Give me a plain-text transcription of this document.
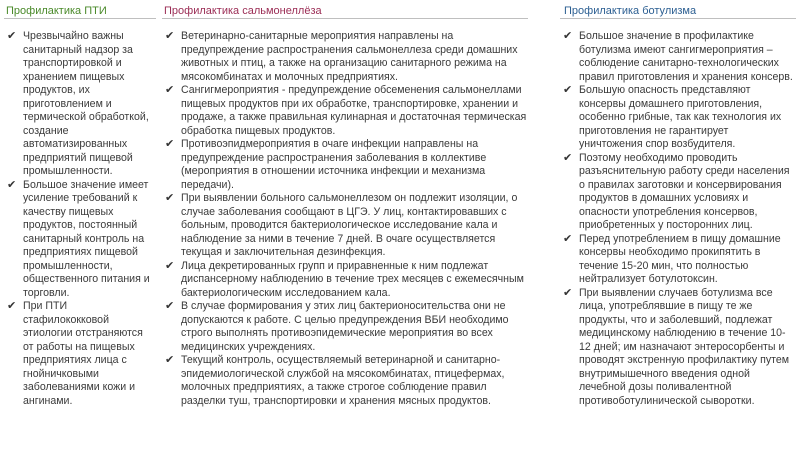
Профилактика ПТИ	Профилактика сальмонеллёза	Профилактика ботулизма
✔ Чрезвычайно важны санитарный надзор за транспортировкой и хранением пищевых продуктов, их приготовлением и термической обработкой, создание автоматизированных предприятий пищевой промышленности.
✔ Большое значение имеет усиление требований к качеству пищевых продуктов, постоянный санитарный контроль на предприятиях пищевой промышленности, общественного питания и торговли.
✔ При ПТИ стафилококковой этиологии отстраняются от работы на пищевых предприятиях лица с гнойничковыми заболеваниями кожи и ангинами.
✔ Ветеринарно-санитарные мероприятия направлены на предупреждение распространения сальмонеллеза среди домашних животных и птиц, а также на организацию санитарного режима на мясокомбинатах и молочных предприятиях.
✔ Сангигмероприятия - предупреждение обсеменения сальмонеллами пищевых продуктов при их обработке, транспортировке, хранении и продаже, а также правильная кулинарная и достаточная термическая обработка пищевых продуктов.
✔ Противоэпидмероприятия в очаге инфекции направлены на предупреждение распространения заболевания в коллективе (мероприятия в отношении источника инфекции и механизма передачи).
✔ При выявлении больного сальмонеллезом он подлежит изоляции, о случае заболевания сообщают в ЦГЭ. У лиц, контактировавших с больным, проводится бактериологическое исследование кала и наблюдение за ними в течение 7 дней. В очаге осуществляется текущая и заключительная дезинфекция.
✔ Лица декретированных групп и приравненные к ним подлежат диспансерному наблюдению в течение трех месяцев с ежемесячным бактериологическим исследованием кала.
✔ В случае формирования у этих лиц бактерионосительства они не допускаются к работе. С целью предупреждения ВБИ необходимо строго выполнять противоэпидемические мероприятия во всех медицинских учреждениях.
✔ Текущий контроль, осуществляемый ветеринарной и санитарно-эпидемиологической службой на мясокомбинатах, птицефермах, молочных предприятиях, а также строгое соблюдение правил разделки туш, транспортировки и хранения мясных продуктов.
✔ Большое значение в профилактике ботулизма имеют сангигмероприятия – соблюдение санитарно-технологических правил приготовления и хранения консерв.
✔ Большую опасность представляют консервы домашнего приготовления, особенно грибные, так как технология их приготовления не гарантирует уничтожения спор возбудителя.
✔ Поэтому необходимо проводить разъяснительную работу среди населения о правилах заготовки и консервирования продуктов в домашних условиях и опасности употребления консервов, приобретенных у посторонних лиц.
✔ Перед употреблением в пищу домашние консервы необходимо прокипятить в течение 15-20 мин, что полностью нейтрализует ботулотоксин.
✔ При выявлении случаев ботулизма все лица, употреблявшие в пищу те же продукты, что и заболевший, подлежат медицинскому наблюдению в течение 10-12 дней; им назначают энтеросорбенты и проводят экстренную профилактику путем внутримышечного введения одной лечебной дозы поливалентной противоботулинической сыворотки.
